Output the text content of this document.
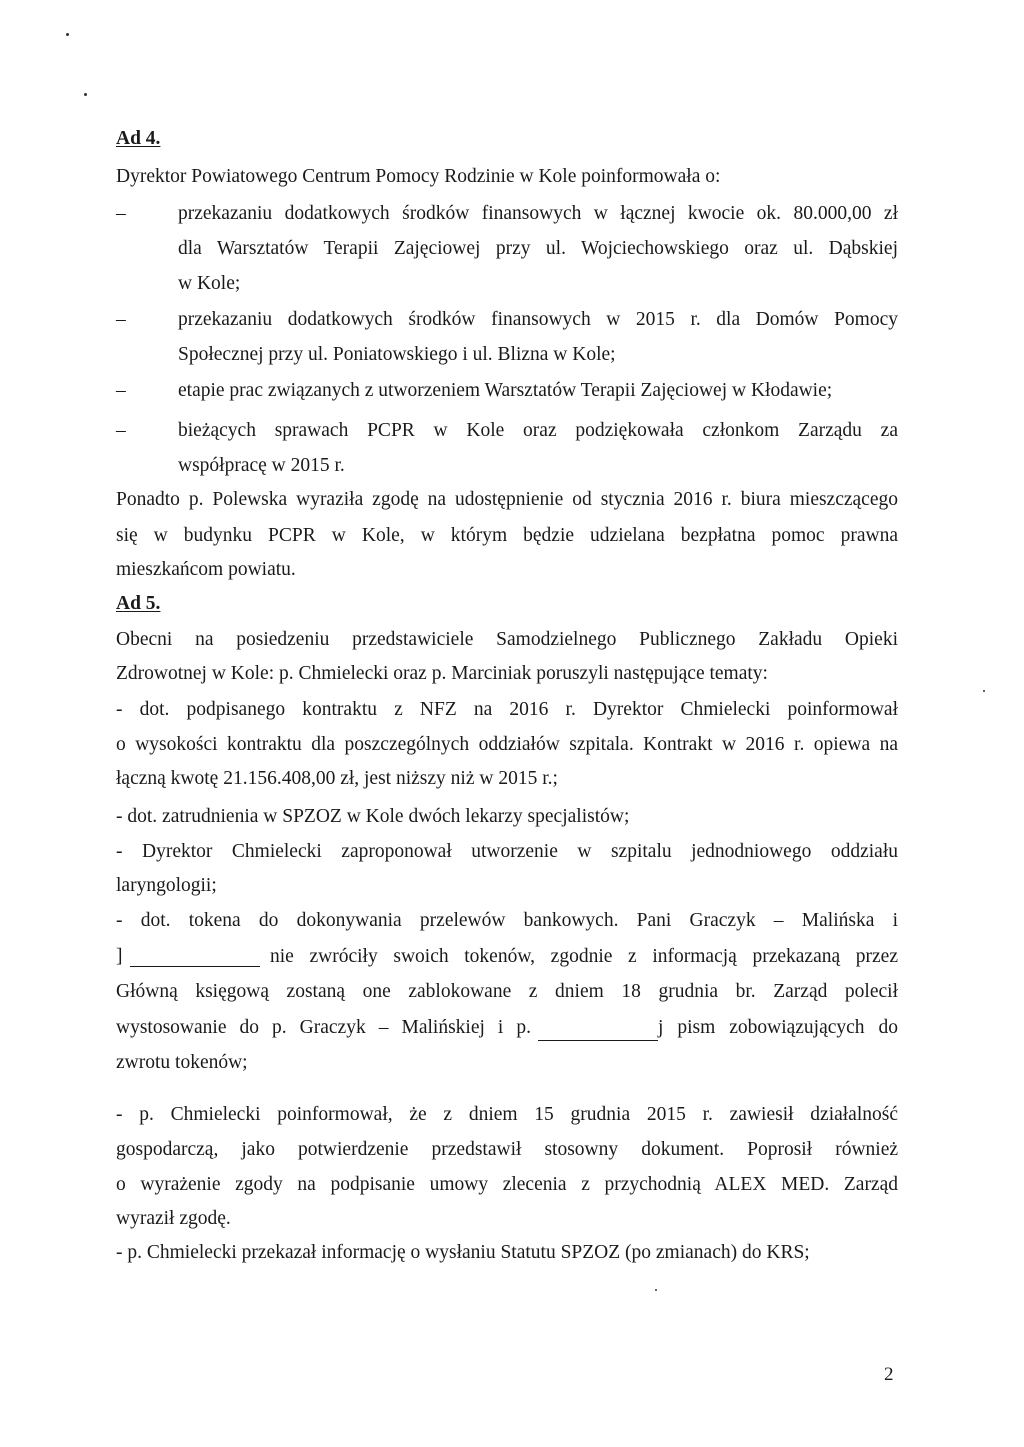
Ad 4.
Dyrektor Powiatowego Centrum Pomocy Rodzinie w Kole poinformowała o:
–	przekazaniu dodatkowych środków finansowych w łącznej kwocie ok. 80.000,00 zł
dla Warsztatów Terapii Zajęciowej przy ul. Wojciechowskiego oraz ul. Dąbskiej
w Kole;
–	przekazaniu dodatkowych środków finansowych w 2015 r. dla Domów Pomocy
Społecznej przy ul. Poniatowskiego i ul. Blizna w Kole;
–	etapie prac związanych z utworzeniem Warsztatów Terapii Zajęciowej w Kłodawie;
–	bieżących sprawach PCPR w Kole oraz podziękowała członkom Zarządu za
współpracę w 2015 r.
Ponadto p. Polewska wyraziła zgodę na udostępnienie od stycznia 2016 r. biura mieszczącego
się w budynku PCPR w Kole, w którym będzie udzielana bezpłatna pomoc prawna
mieszkańcom powiatu.
Ad 5.
Obecni na posiedzeniu przedstawiciele Samodzielnego Publicznego Zakładu Opieki
Zdrowotnej w Kole: p. Chmielecki oraz p. Marciniak poruszyli następujące tematy:
- dot. podpisanego kontraktu z NFZ na 2016 r. Dyrektor Chmielecki poinformował
o wysokości kontraktu dla poszczególnych oddziałów szpitala. Kontrakt w 2016 r. opiewa na
łączną kwotę 21.156.408,00 zł, jest niższy niż w 2015 r.;
- dot. zatrudnienia w SPZOZ w Kole dwóch lekarzy specjalistów;
- Dyrektor Chmielecki zaproponował utworzenie w szpitalu jednodniowego oddziału
laryngologii;
- dot. tokena do dokonywania przelewów bankowych. Pani Graczyk – Malińska i
]	nie zwróciły swoich tokenów, zgodnie z informacją przekazaną przez
Główną księgową zostaną one zablokowane z dniem 18 grudnia br. Zarząd polecił
wystosowanie do p. Graczyk – Malińskiej i p.	j pism zobowiązujących do
zwrotu tokenów;
- p. Chmielecki poinformował, że z dniem 15 grudnia 2015 r. zawiesił działalność
gospodarczą, jako potwierdzenie przedstawił stosowny dokument. Poprosił również
o wyrażenie zgody na podpisanie umowy zlecenia z przychodnią ALEX MED. Zarząd
wyraził zgodę.
- p. Chmielecki przekazał informację o wysłaniu Statutu SPZOZ (po zmianach) do KRS;
2
